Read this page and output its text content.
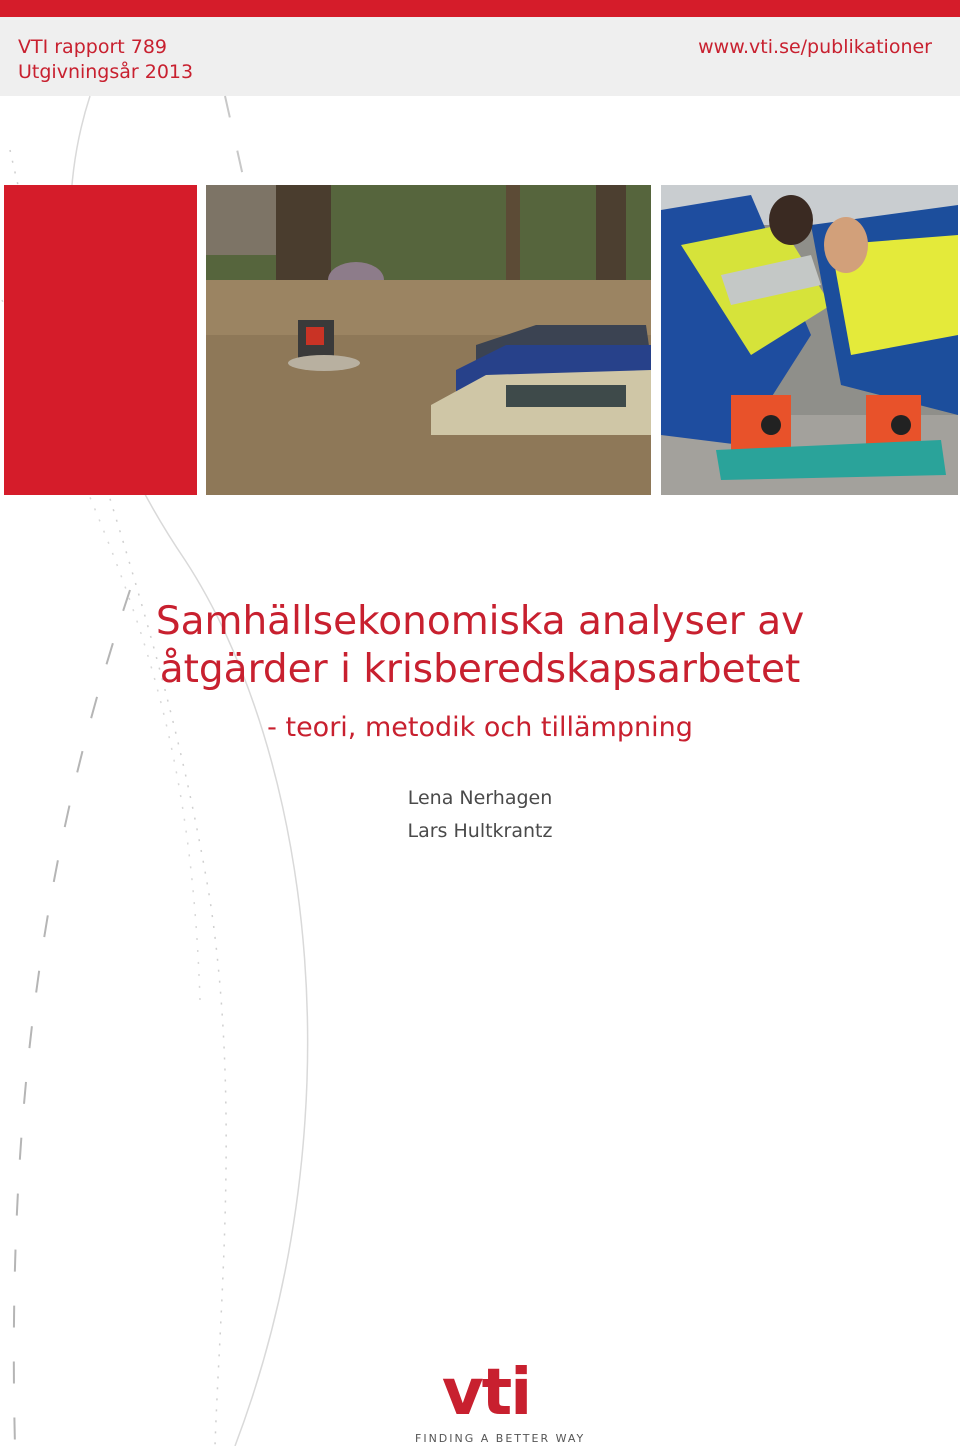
VTI rapport 789
Utgivningsår 2013
www.vti.se/publikationer
Samhällsekonomiska analyser av
åtgärder i krisberedskapsarbetet
- teori, metodik och tillämpning
Lena Nerhagen
Lars Hultkrantz
vti
FINDING A BETTER WAY
